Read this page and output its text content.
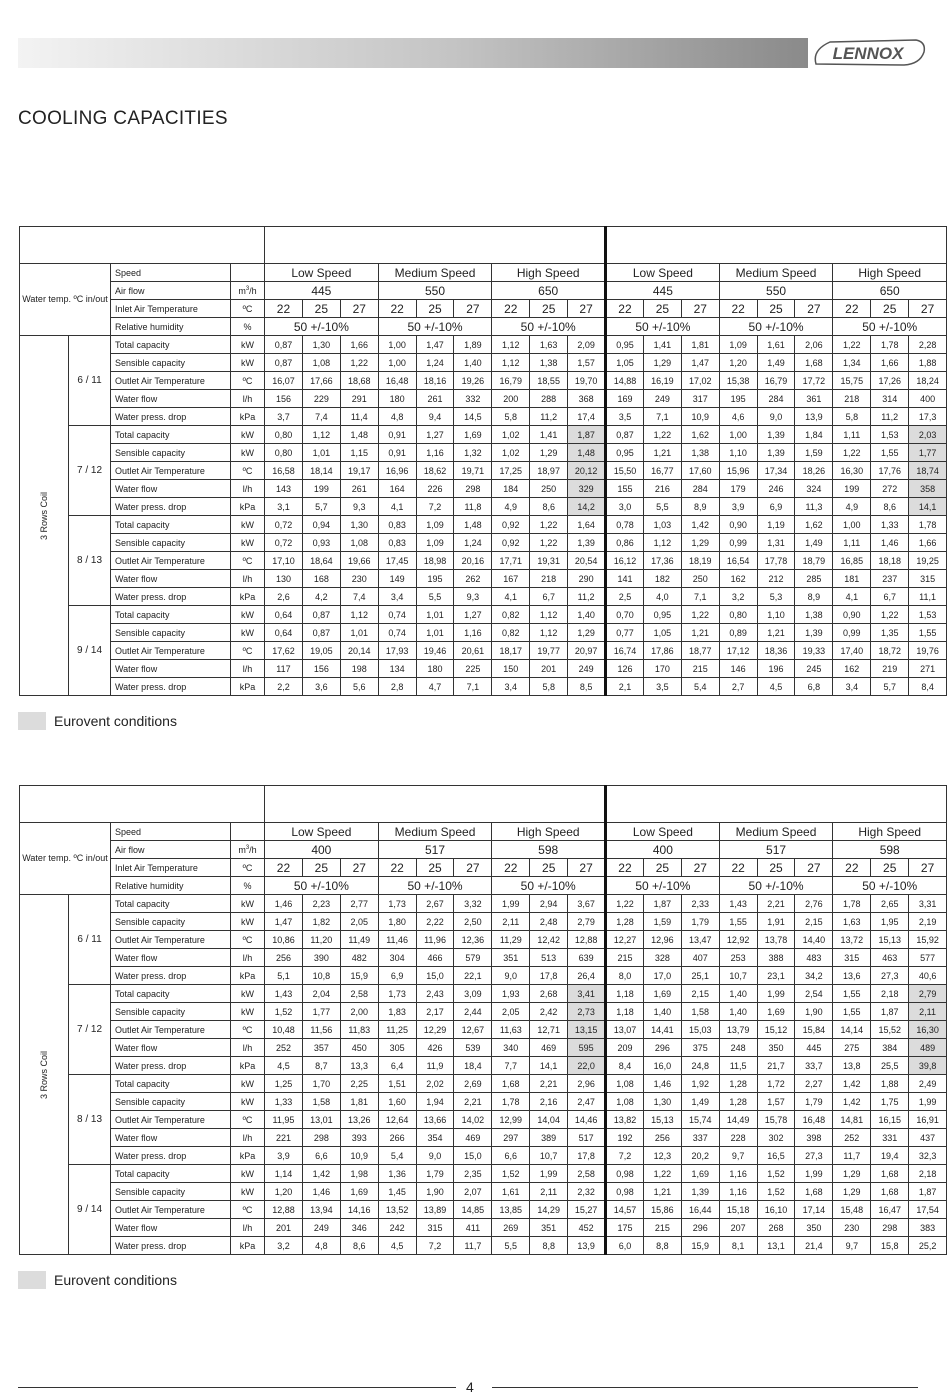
LENNOX
COOLING CAPACITIES

Water temp. ºC in/out		Speed		Low Speed			Medium Speed			High Speed			Low Speed			Medium Speed			High Speed		
		Air flow	$m^3/h$	445			550			650			445			550			650		
		Inlet Air Temperature	ºC	22	25	27	22	25	27	22	25	27	22	25	27	22	25	27	22	25	27
		Relative humidity	%	50 +/-10%			50 +/-10%			50 +/-10%			50 +/-10%			50 +/-10%			50 +/-10%		
3 Rows Coil	6 / 11	Total capacity	kW	0,87	1,30	1,66	1,00	1,47	1,89	1,12	1,63	2,09	0,95	1,41	1,81	1,09	1,61	2,06	1,22	1,78	2,28
		Sensible capacity	kW	0,87	1,08	1,22	1,00	1,24	1,40	1,12	1,38	1,57	1,05	1,29	1,47	1,20	1,49	1,68	1,34	1,66	1,88
		Outlet Air Temperature	ºC	16,07	17,66	18,68	16,48	18,16	19,26	16,79	18,55	19,70	14,88	16,19	17,02	15,38	16,79	17,72	15,75	17,26	18,24
		Water flow	l/h	156	229	291	180	261	332	200	288	368	169	249	317	195	284	361	218	314	400
		Water press. drop	kPa	3,7	7,4	11,4	4,8	9,4	14,5	5,8	11,2	17,4	3,5	7,1	10,9	4,6	9,0	13,9	5,8	11,2	17,3
	7 / 12	Total capacity	kW	0,80	1,12	1,48	0,91	1,27	1,69	1,02	1,41	1,87	0,87	1,22	1,62	1,00	1,39	1,84	1,11	1,53	2,03
		Sensible capacity	kW	0,80	1,01	1,15	0,91	1,16	1,32	1,02	1,29	1,48	0,95	1,21	1,38	1,10	1,39	1,59	1,22	1,55	1,77
		Outlet Air Temperature	ºC	16,58	18,14	19,17	16,96	18,62	19,71	17,25	18,97	20,12	15,50	16,77	17,60	15,96	17,34	18,26	16,30	17,76	18,74
		Water flow	l/h	143	199	261	164	226	298	184	250	329	155	216	284	179	246	324	199	272	358
		Water press. drop	kPa	3,1	5,7	9,3	4,1	7,2	11,8	4,9	8,6	14,2	3,0	5,5	8,9	3,9	6,9	11,3	4,9	8,6	14,1
	8 / 13	Total capacity	kW	0,72	0,94	1,30	0,83	1,09	1,48	0,92	1,22	1,64	0,78	1,03	1,42	0,90	1,19	1,62	1,00	1,33	1,78
		Sensible capacity	kW	0,72	0,93	1,08	0,83	1,09	1,24	0,92	1,22	1,39	0,86	1,12	1,29	0,99	1,31	1,49	1,11	1,46	1,66
		Outlet Air Temperature	ºC	17,10	18,64	19,66	17,45	18,98	20,16	17,71	19,31	20,54	16,12	17,36	18,19	16,54	17,78	18,79	16,85	18,18	19,25
		Water flow	l/h	130	168	230	149	195	262	167	218	290	141	182	250	162	212	285	181	237	315
		Water press. drop	kPa	2,6	4,2	7,4	3,4	5,5	9,3	4,1	6,7	11,2	2,5	4,0	7,1	3,2	5,3	8,9	4,1	6,7	11,1
	9 / 14	Total capacity	kW	0,64	0,87	1,12	0,74	1,01	1,27	0,82	1,12	1,40	0,70	0,95	1,22	0,80	1,10	1,38	0,90	1,22	1,53
		Sensible capacity	kW	0,64	0,87	1,01	0,74	1,01	1,16	0,82	1,12	1,29	0,77	1,05	1,21	0,89	1,21	1,39	0,99	1,35	1,55
		Outlet Air Temperature	ºC	17,62	19,05	20,14	17,93	19,46	20,61	18,17	19,77	20,97	16,74	17,86	18,77	17,12	18,36	19,33	17,40	18,72	19,76
		Water flow	l/h	117	156	198	134	180	225	150	201	249	126	170	215	146	196	245	162	219	271
		Water press. drop	kPa	2,2	3,6	5,6	2,8	4,7	7,1	3,4	5,8	8,5	2,1	3,5	5,4	2,7	4,5	6,8	3,4	5,7	8,4
Eurovent conditions

Water temp. ºC in/out		Speed		Low Speed			Medium Speed			High Speed			Low Speed			Medium Speed			High Speed		
		Air flow	$m^3/h$	400			517			598			400			517			598		
		Inlet Air Temperature	ºC	22	25	27	22	25	27	22	25	27	22	25	27	22	25	27	22	25	27
		Relative humidity	%	50 +/-10%			50 +/-10%			50 +/-10%			50 +/-10%			50 +/-10%			50 +/-10%		
3 Rows Coil	6 / 11	Total capacity	kW	1,46	2,23	2,77	1,73	2,67	3,32	1,99	2,94	3,67	1,22	1,87	2,33	1,43	2,21	2,76	1,78	2,65	3,31
		Sensible capacity	kW	1,47	1,82	2,05	1,80	2,22	2,50	2,11	2,48	2,79	1,28	1,59	1,79	1,55	1,91	2,15	1,63	1,95	2,19
		Outlet Air Temperature	ºC	10,86	11,20	11,49	11,46	11,96	12,36	11,29	12,42	12,88	12,27	12,96	13,47	12,92	13,78	14,40	13,72	15,13	15,92
		Water flow	l/h	256	390	482	304	466	579	351	513	639	215	328	407	253	388	483	315	463	577
		Water press. drop	kPa	5,1	10,8	15,9	6,9	15,0	22,1	9,0	17,8	26,4	8,0	17,0	25,1	10,7	23,1	34,2	13,6	27,3	40,6
	7 / 12	Total capacity	kW	1,43	2,04	2,58	1,73	2,43	3,09	1,93	2,68	3,41	1,18	1,69	2,15	1,40	1,99	2,54	1,55	2,18	2,79
		Sensible capacity	kW	1,52	1,77	2,00	1,83	2,17	2,44	2,05	2,42	2,73	1,18	1,40	1,58	1,40	1,69	1,90	1,55	1,87	2,11
		Outlet Air Temperature	ºC	10,48	11,56	11,83	11,25	12,29	12,67	11,63	12,71	13,15	13,07	14,41	15,03	13,79	15,12	15,84	14,14	15,52	16,30
		Water flow	l/h	252	357	450	305	426	539	340	469	595	209	296	375	248	350	445	275	384	489
		Water press. drop	kPa	4,5	8,7	13,3	6,4	11,9	18,4	7,7	14,1	22,0	8,4	16,0	24,8	11,5	21,7	33,7	13,8	25,5	39,8
	8 / 13	Total capacity	kW	1,25	1,70	2,25	1,51	2,02	2,69	1,68	2,21	2,96	1,08	1,46	1,92	1,28	1,72	2,27	1,42	1,88	2,49
		Sensible capacity	kW	1,33	1,58	1,81	1,60	1,94	2,21	1,78	2,16	2,47	1,08	1,30	1,49	1,28	1,57	1,79	1,42	1,75	1,99
		Outlet Air Temperature	ºC	11,95	13,01	13,26	12,64	13,66	14,02	12,99	14,04	14,46	13,82	15,13	15,74	14,49	15,78	16,48	14,81	16,15	16,91
		Water flow	l/h	221	298	393	266	354	469	297	389	517	192	256	337	228	302	398	252	331	437
		Water press. drop	kPa	3,9	6,6	10,9	5,4	9,0	15,0	6,6	10,7	17,8	7,2	12,3	20,2	9,7	16,5	27,3	11,7	19,4	32,3
	9 / 14	Total capacity	kW	1,14	1,42	1,98	1,36	1,79	2,35	1,52	1,99	2,58	0,98	1,22	1,69	1,16	1,52	1,99	1,29	1,68	2,18
		Sensible capacity	kW	1,20	1,46	1,69	1,45	1,90	2,07	1,61	2,11	2,32	0,98	1,21	1,39	1,16	1,52	1,68	1,29	1,68	1,87
		Outlet Air Temperature	ºC	12,88	13,94	14,16	13,52	13,89	14,85	13,85	14,29	15,27	14,57	15,86	16,44	15,18	16,10	17,14	15,48	16,47	17,54
		Water flow	l/h	201	249	346	242	315	411	269	351	452	175	215	296	207	268	350	230	298	383
		Water press. drop	kPa	3,2	4,8	8,6	4,5	7,2	11,7	5,5	8,8	13,9	6,0	8,8	15,9	8,1	13,1	21,4	9,7	15,8	25,2
Eurovent conditions
4
